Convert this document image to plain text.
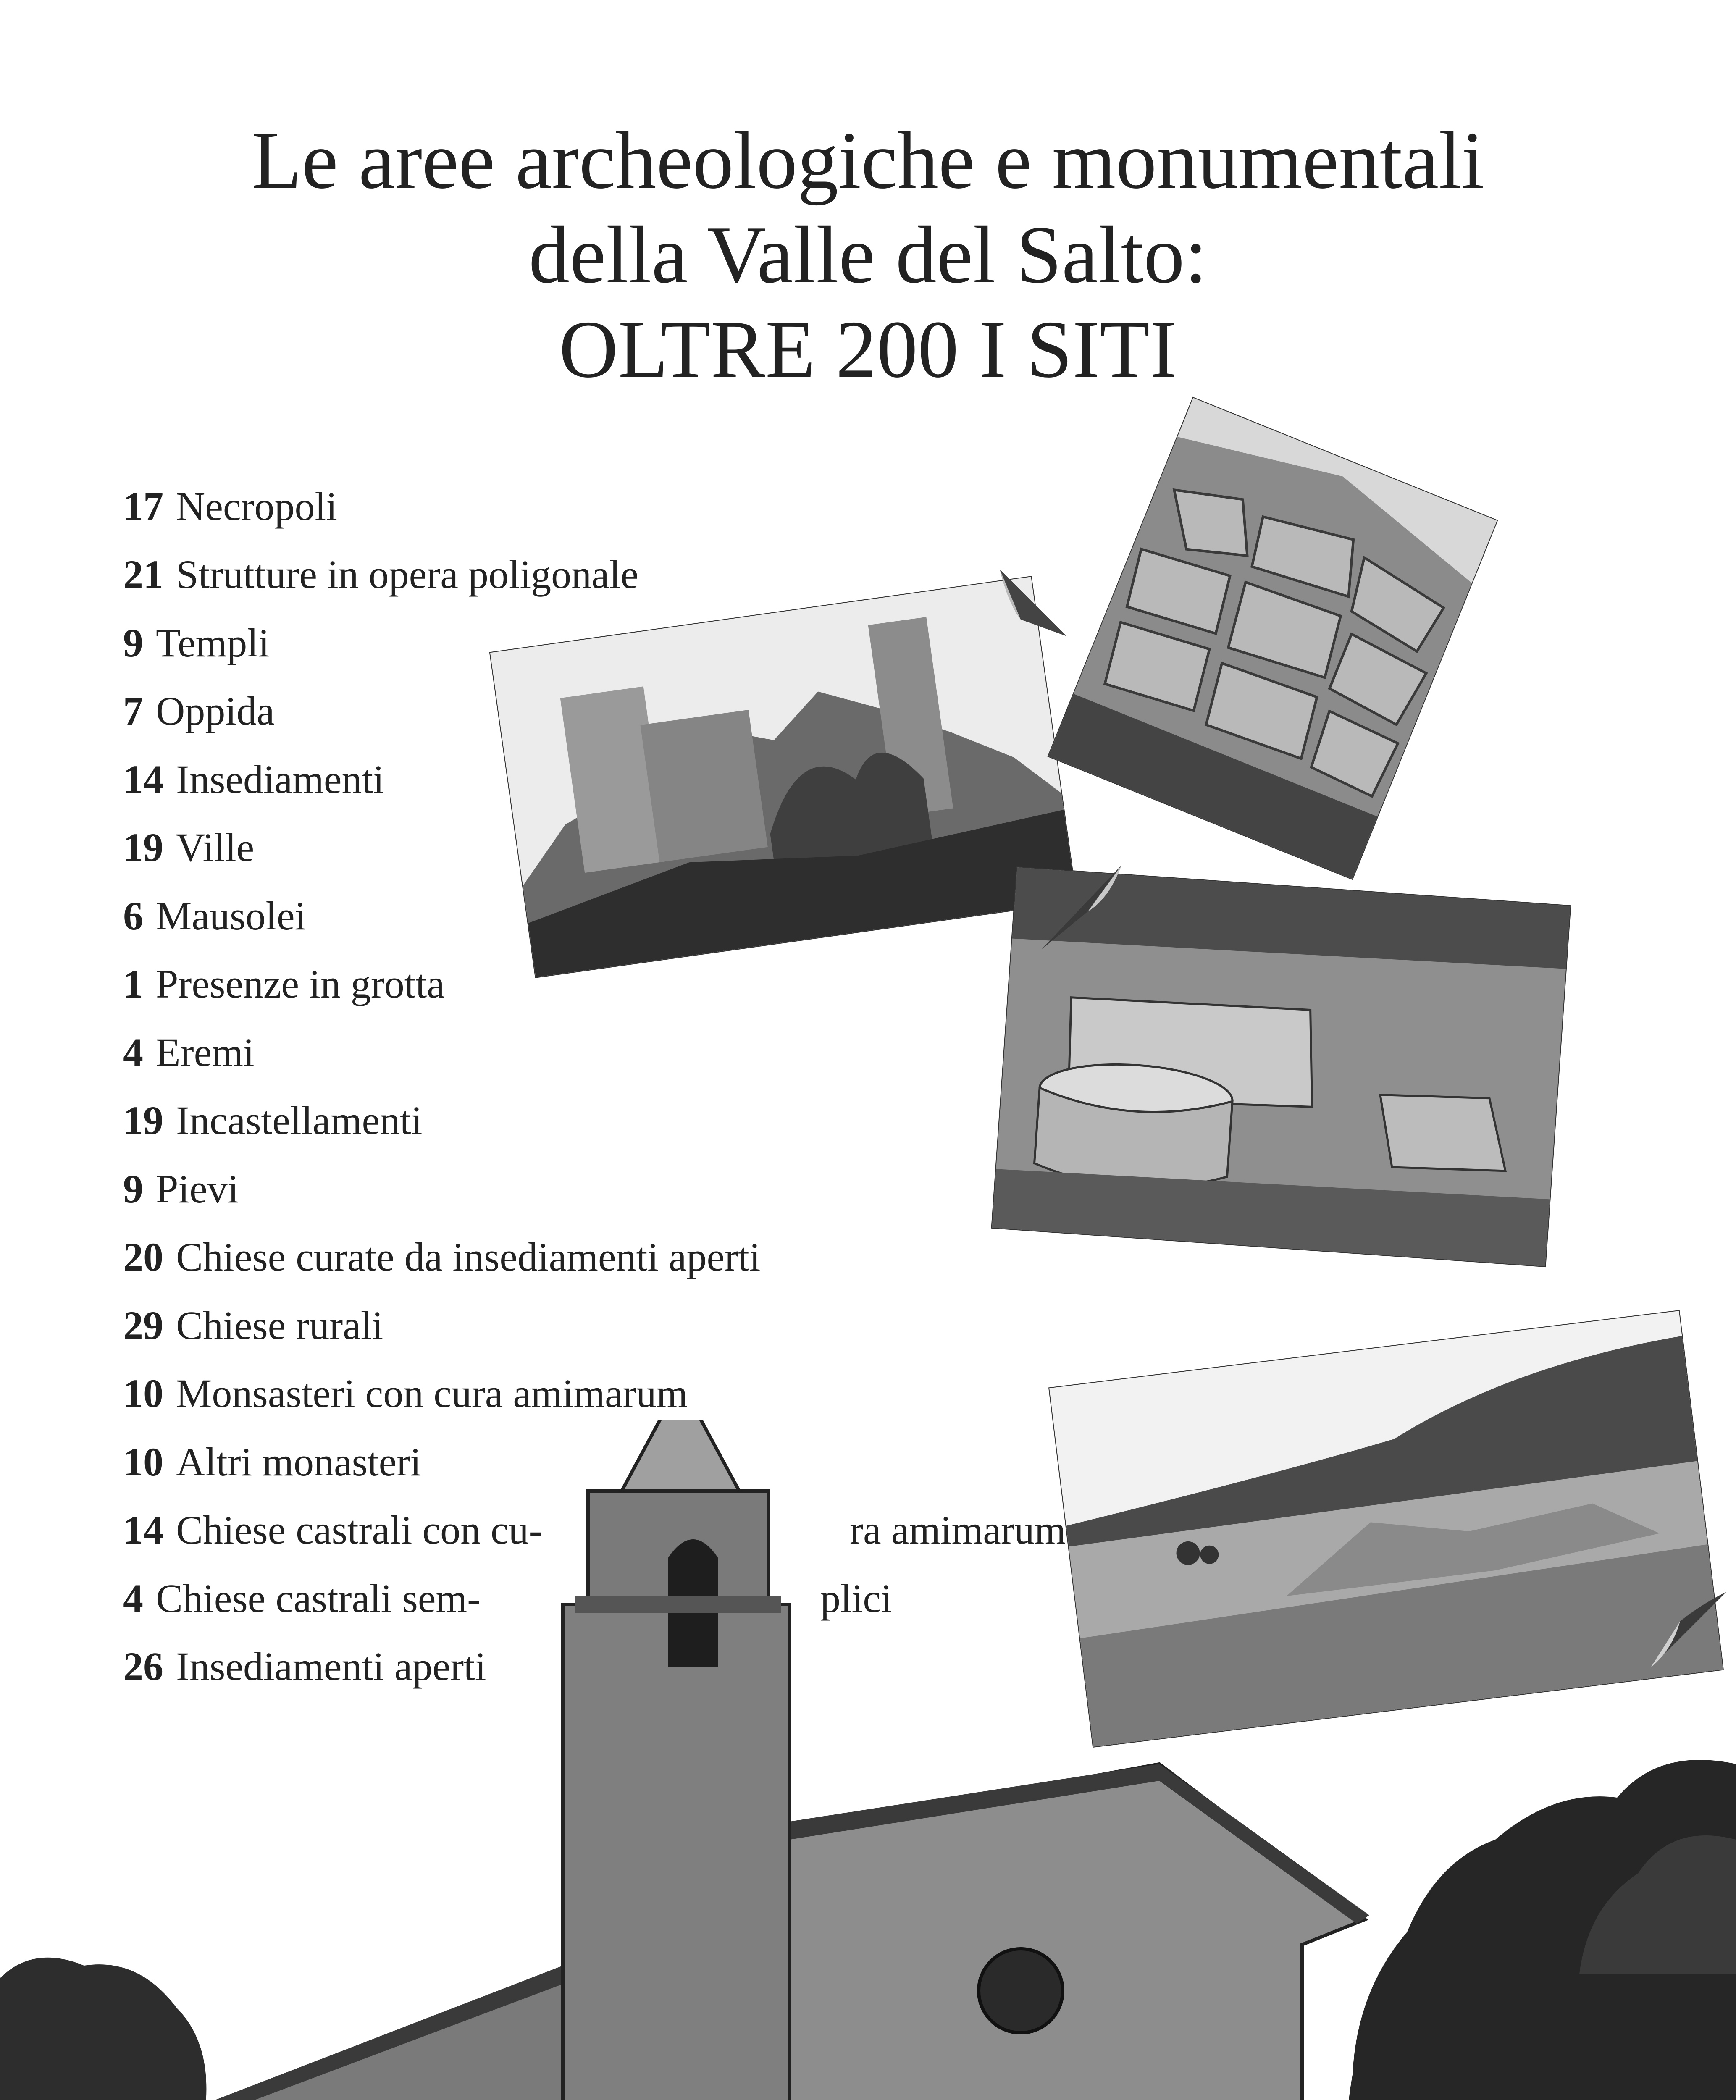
Le aree archeologiche e monumentali
della Valle del Salto:
OLTRE 200 I SITI
17 Necropoli
21 Strutture in opera poligonale
9 Templi
7 Oppida
14 Insediamenti
19 Ville
6 Mausolei
1 Presenze in grotta
4 Eremi
19 Incastellamenti
9 Pievi
20 Chiese curate da insediamenti aperti
29 Chiese rurali
10 Monsasteri con cura amimarum
10 Altri monasteri
14 Chiese castrali con cu-	ra amimarum
4 Chiese castrali sem-	plici
26 Insediamenti aperti
